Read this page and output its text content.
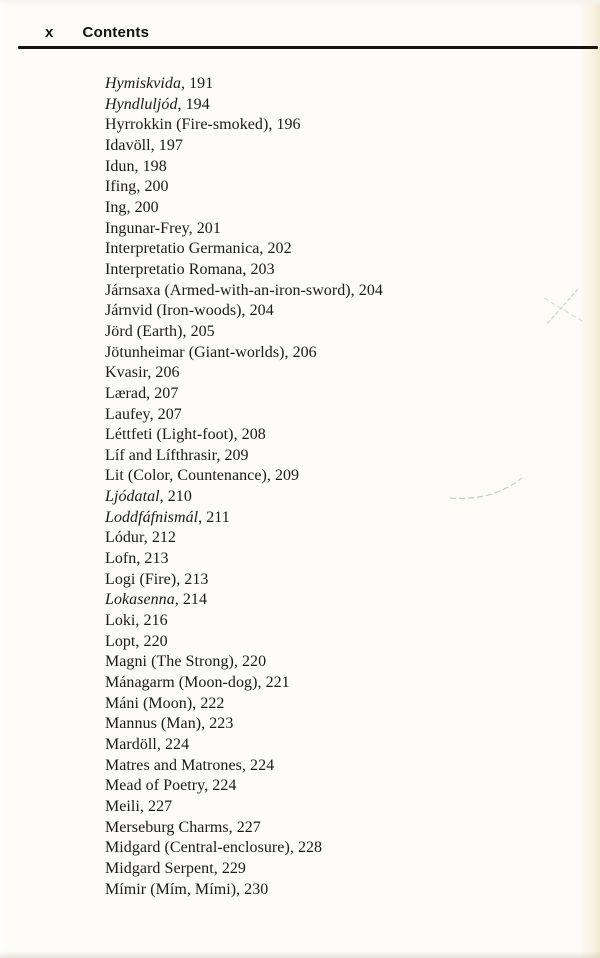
x Contents
Hymiskvida, 191
Hyndluljód, 194
Hyrrokkin (Fire-smoked), 196
Idavöll, 197
Idun, 198
Ifing, 200
Ing, 200
Ingunar-Frey, 201
Interpretatio Germanica, 202
Interpretatio Romana, 203
Járnsaxa (Armed-with-an-iron-sword), 204
Járnvid (Iron-woods), 204
Jörd (Earth), 205
Jötunheimar (Giant-worlds), 206
Kvasir, 206
Lærad, 207
Laufey, 207
Léttfeti (Light-foot), 208
Líf and Lífthrasir, 209
Lit (Color, Countenance), 209
Ljódatal, 210
Loddfáfnismál, 211
Lódur, 212
Lofn, 213
Logi (Fire), 213
Lokasenna, 214
Loki, 216
Lopt, 220
Magni (The Strong), 220
Mánagarm (Moon-dog), 221
Máni (Moon), 222
Mannus (Man), 223
Mardöll, 224
Matres and Matrones, 224
Mead of Poetry, 224
Meili, 227
Merseburg Charms, 227
Midgard (Central-enclosure), 228
Midgard Serpent, 229
Mímir (Mím, Mími), 230
